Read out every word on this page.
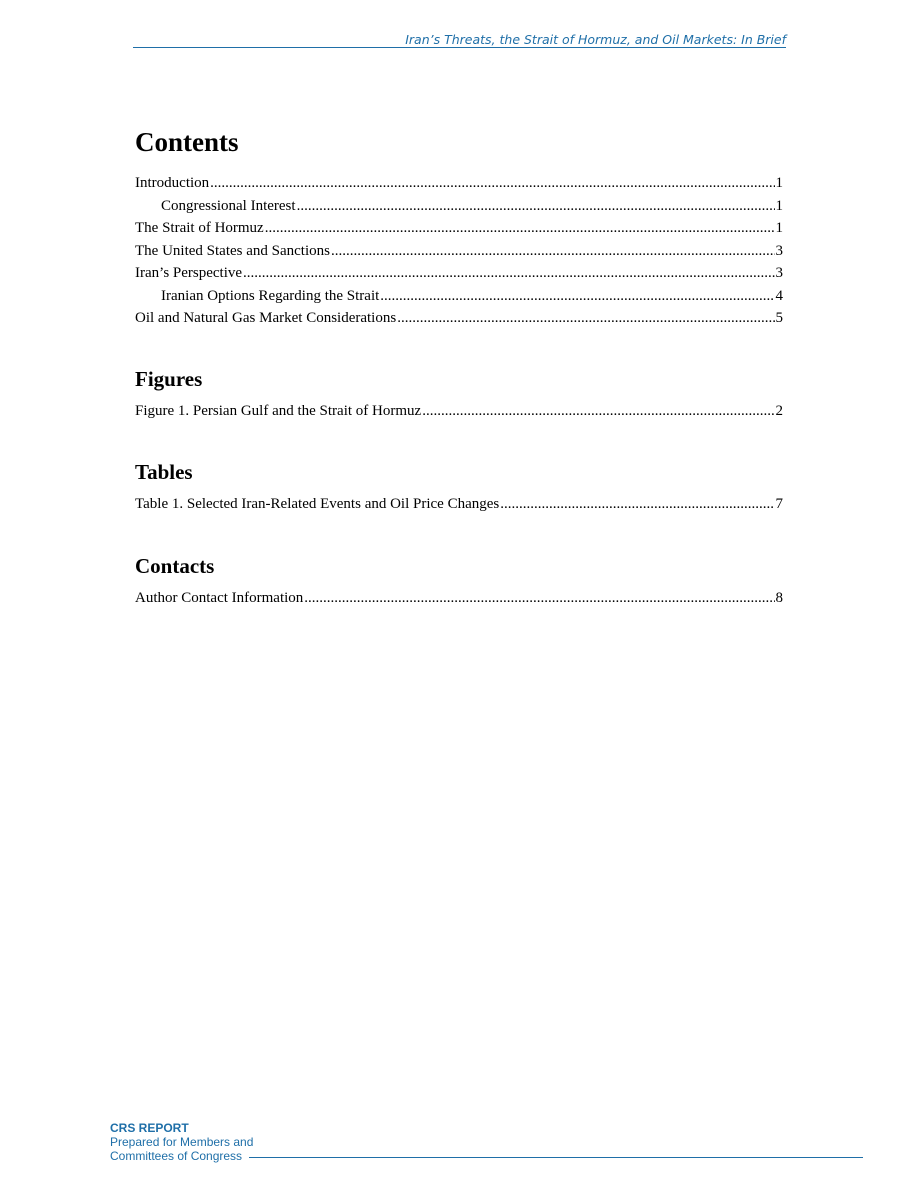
Iran’s Threats, the Strait of Hormuz, and Oil Markets: In Brief
Contents
Introduction .....	1
Congressional Interest .....	1
The Strait of Hormuz .....	1
The United States and Sanctions .....	3
Iran’s Perspective .....	3
Iranian Options Regarding the Strait .....	4
Oil and Natural Gas Market Considerations .....	5
Figures
Figure 1. Persian Gulf and the Strait of Hormuz .....	2
Tables
Table 1. Selected Iran-Related Events and Oil Price Changes .....	7
Contacts
Author Contact Information .....	8
CRS REPORT
Prepared for Members and
Committees of Congress
